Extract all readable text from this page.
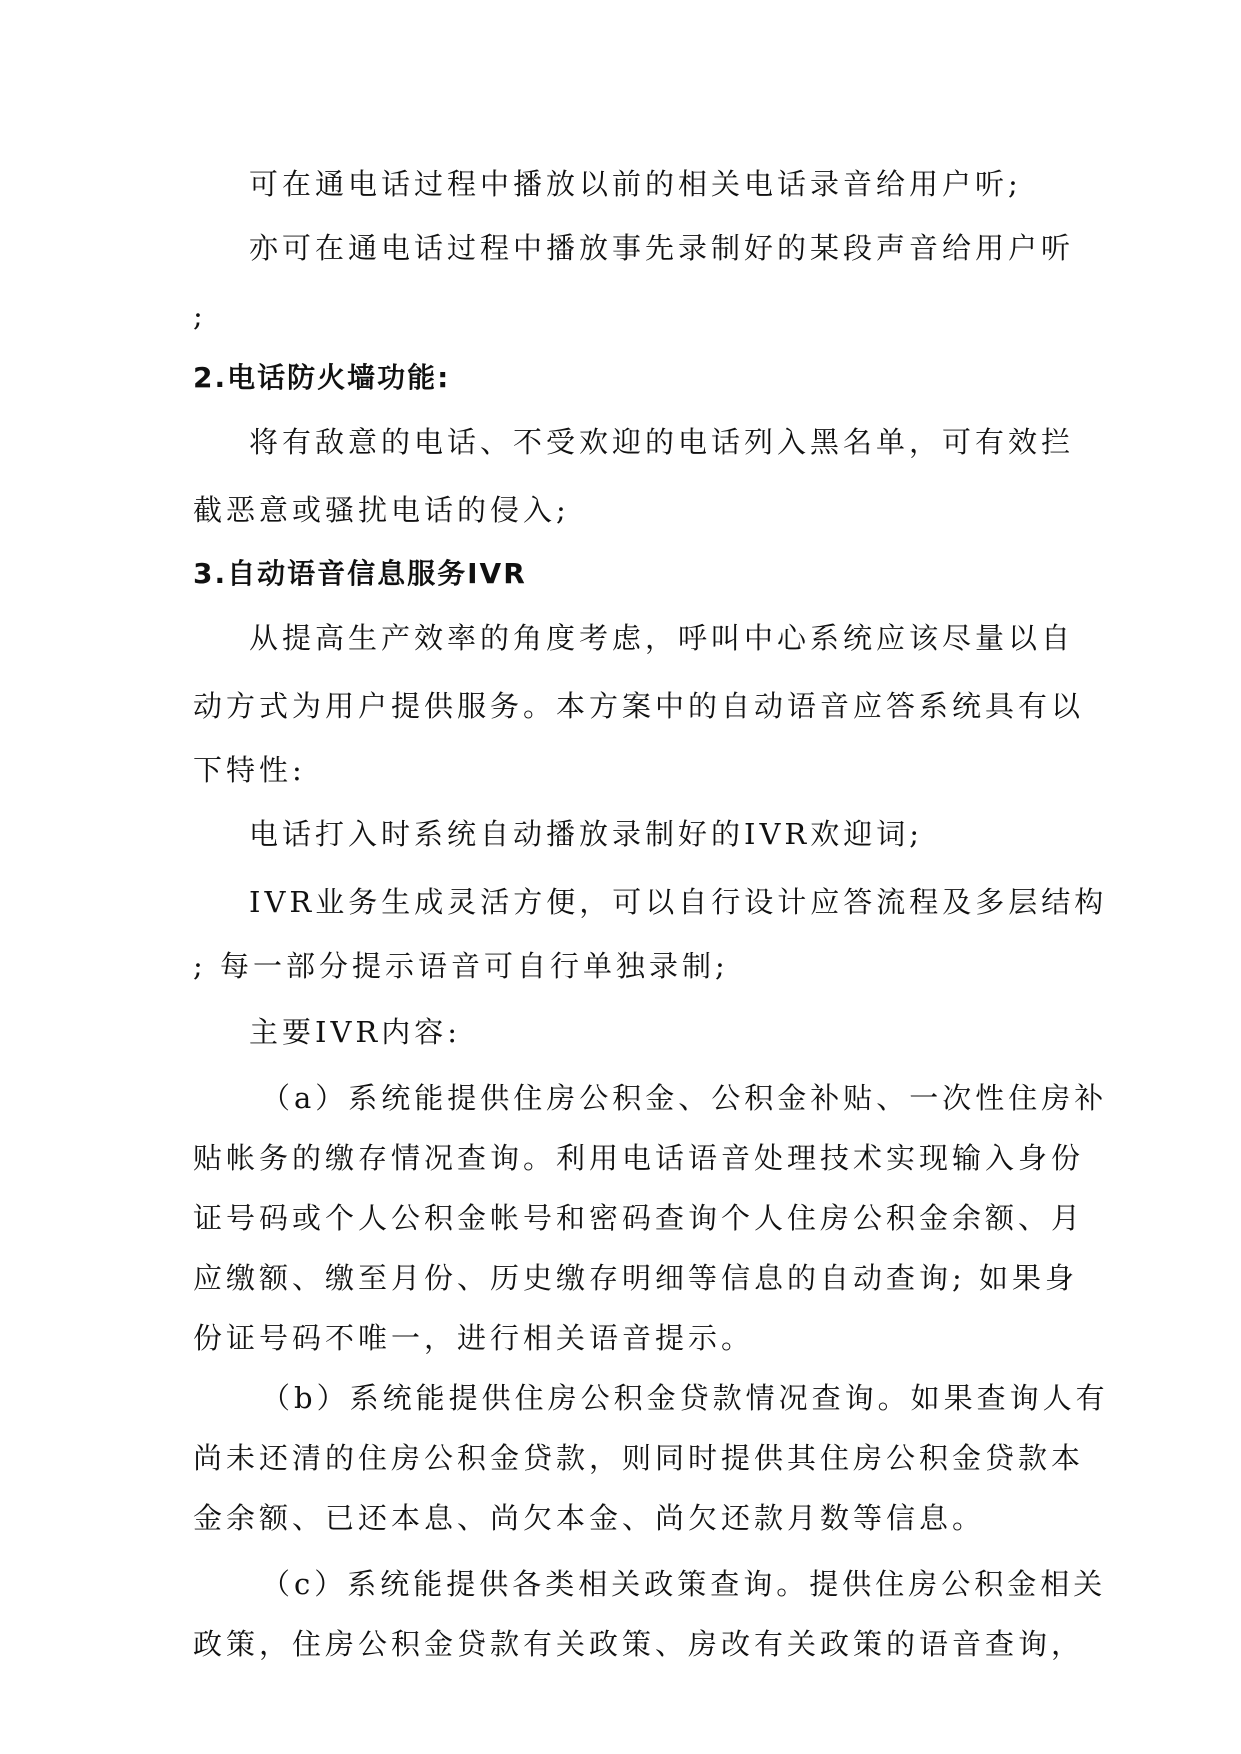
可在通电话过程中播放以前的相关电话录音给用户听;
亦可在通电话过程中播放事先录制好的某段声音给用户听
;
2.电话防火墙功能:
将有敌意的电话、不受欢迎的电话列入黑名单，可有效拦
截恶意或骚扰电话的侵入;
3.自动语音信息服务IVR
从提高生产效率的角度考虑，呼叫中心系统应该尽量以自
动方式为用户提供服务。本方案中的自动语音应答系统具有以
下特性:
电话打入时系统自动播放录制好的IVR欢迎词;
IVR业务生成灵活方便，可以自行设计应答流程及多层结构
; 每一部分提示语音可自行单独录制;
主要IVR内容:
（a）系统能提供住房公积金、公积金补贴、一次性住房补
贴帐务的缴存情况查询。利用电话语音处理技术实现输入身份
证号码或个人公积金帐号和密码查询个人住房公积金余额、月
应缴额、缴至月份、历史缴存明细等信息的自动查询; 如果身
份证号码不唯一，进行相关语音提示。
（b）系统能提供住房公积金贷款情况查询。如果查询人有
尚未还清的住房公积金贷款，则同时提供其住房公积金贷款本
金余额、已还本息、尚欠本金、尚欠还款月数等信息。
（c）系统能提供各类相关政策查询。提供住房公积金相关
政策，住房公积金贷款有关政策、房改有关政策的语音查询，
